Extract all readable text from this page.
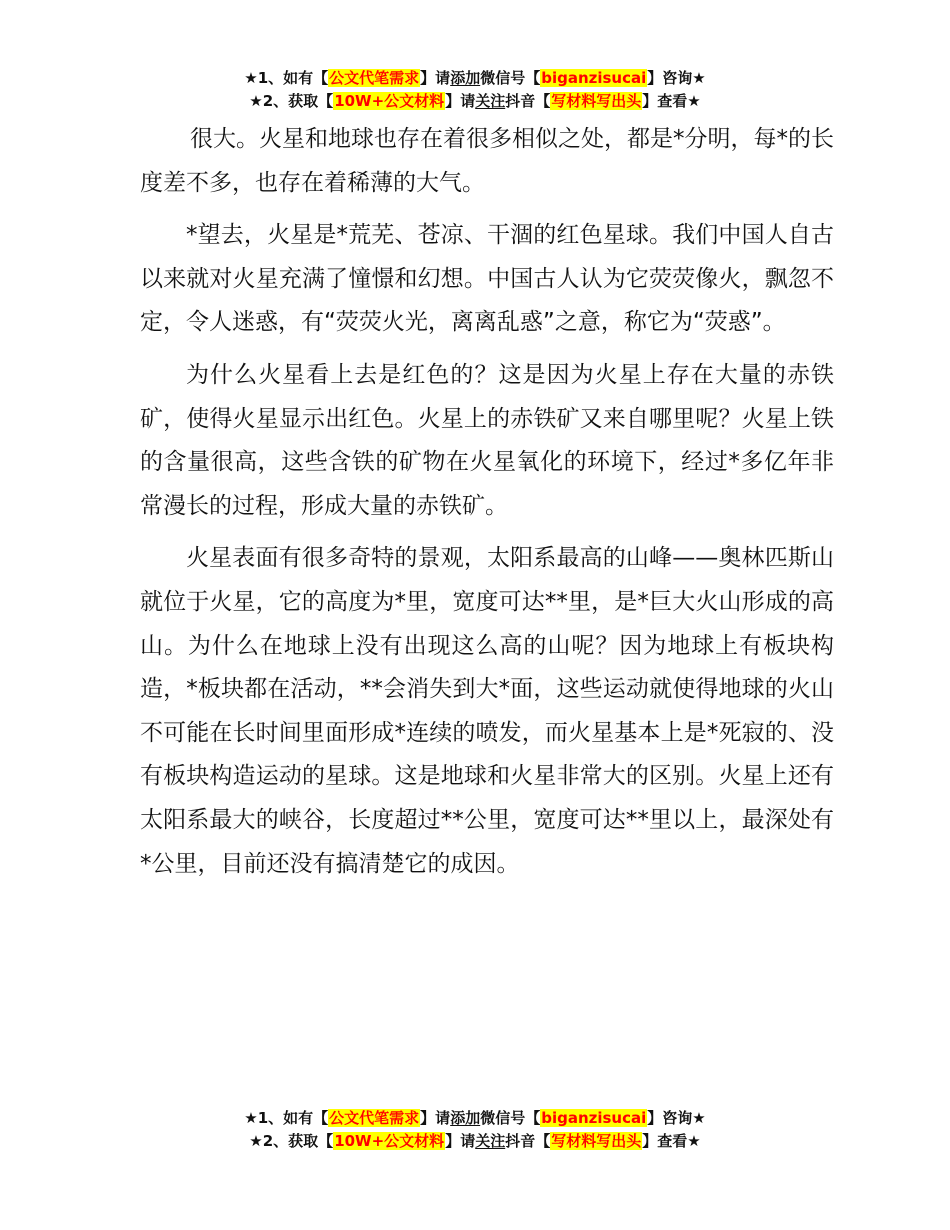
★1、如有【公文代笔需求】请添加微信号【biganzisucai】咨询★
★2、获取【10W+公文材料】请关注抖音【写材料写出头】查看★

很大。火星和地球也存在着很多相似之处，都是*分明，每*的长度差不多，也存在着稀薄的大气。

*望去，火星是*荒芜、苍凉、干涸的红色星球。我们中国人自古以来就对火星充满了憧憬和幻想。中国古人认为它荧荧像火，飘忽不定，令人迷惑，有“荧荧火光，离离乱惑”之意，称它为“荧惑”。

为什么火星看上去是红色的？这是因为火星上存在大量的赤铁矿，使得火星显示出红色。火星上的赤铁矿又来自哪里呢？火星上铁的含量很高，这些含铁的矿物在火星氧化的环境下，经过*多亿年非常漫长的过程，形成大量的赤铁矿。

火星表面有很多奇特的景观，太阳系最高的山峰——奥林匹斯山就位于火星，它的高度为*里，宽度可达**里，是*巨大火山形成的高山。为什么在地球上没有出现这么高的山呢？因为地球上有板块构造，*板块都在活动，**会消失到大*面，这些运动就使得地球的火山不可能在长时间里面形成*连续的喷发，而火星基本上是*死寂的、没有板块构造运动的星球。这是地球和火星非常大的区别。火星上还有太阳系最大的峡谷，长度超过**公里，宽度可达**里以上，最深处有*公里，目前还没有搞清楚它的成因。

★1、如有【公文代笔需求】请添加微信号【biganzisucai】咨询★
★2、获取【10W+公文材料】请关注抖音【写材料写出头】查看★
